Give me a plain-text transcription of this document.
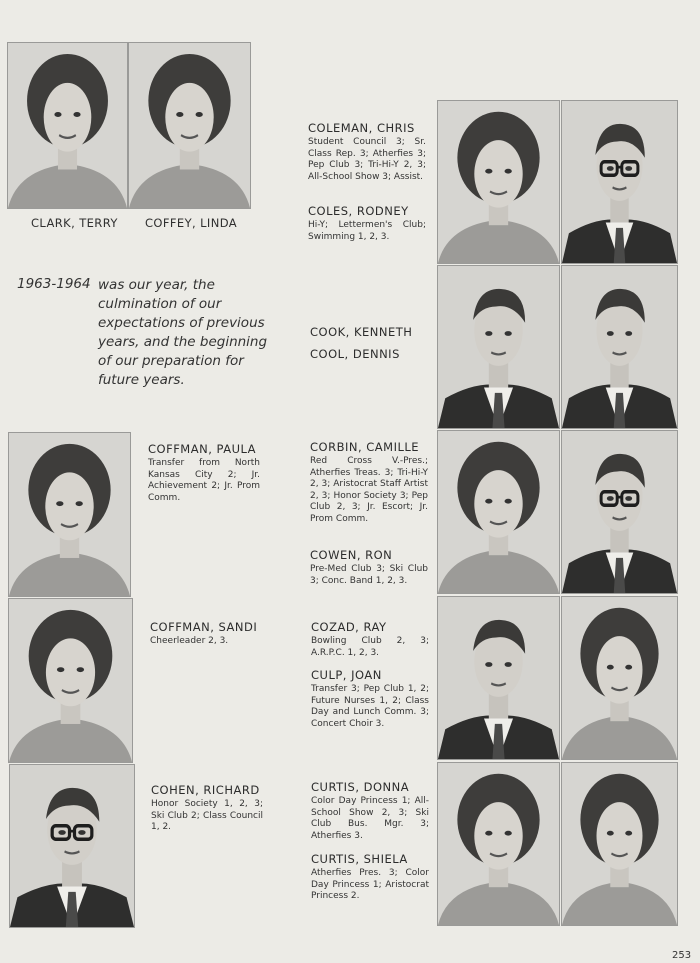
CLARK, TERRY COFFEY, LINDA
1963-1964 was our year, the culmination of our expectations of previous years, and the beginning of our preparation for future years.
COFFMAN, PAULA
Transfer from North Kansas City 2; Jr. Achievement 2; Jr. Prom Comm.
COFFMAN, SANDI
Cheerleader 2, 3.
COHEN, RICHARD
Honor Society 1, 2, 3; Ski Club 2; Class Council 1, 2.
COLEMAN, CHRIS
Student Council 3; Sr. Class Rep. 3; Atherfies 3; Pep Club 3; Tri-Hi-Y 2, 3; All-School Show 3; Assist.
COLES, RODNEY
Hi-Y; Lettermen's Club; Swimming 1, 2, 3.
COOK, KENNETH
COOL, DENNIS
CORBIN, CAMILLE
Red Cross V.-Pres.; Atherfies Treas. 3; Tri-Hi-Y 2, 3; Aristocrat Staff Artist 2, 3; Honor Society 3; Pep Club 2, 3; Jr. Escort; Jr. Prom Comm.
COWEN, RON
Pre-Med Club 3; Ski Club 3; Conc. Band 1, 2, 3.
COZAD, RAY
Bowling Club 2, 3; A.R.P.C. 1, 2, 3.
CULP, JOAN
Transfer 3; Pep Club 1, 2; Future Nurses 1, 2; Class Day and Lunch Comm. 3; Concert Choir 3.
CURTIS, DONNA
Color Day Princess 1; All-School Show 2, 3; Ski Club Bus. Mgr. 3; Atherfies 3.
CURTIS, SHIELA
Atherfies Pres. 3; Color Day Princess 1; Aristocrat Princess 2.
253
